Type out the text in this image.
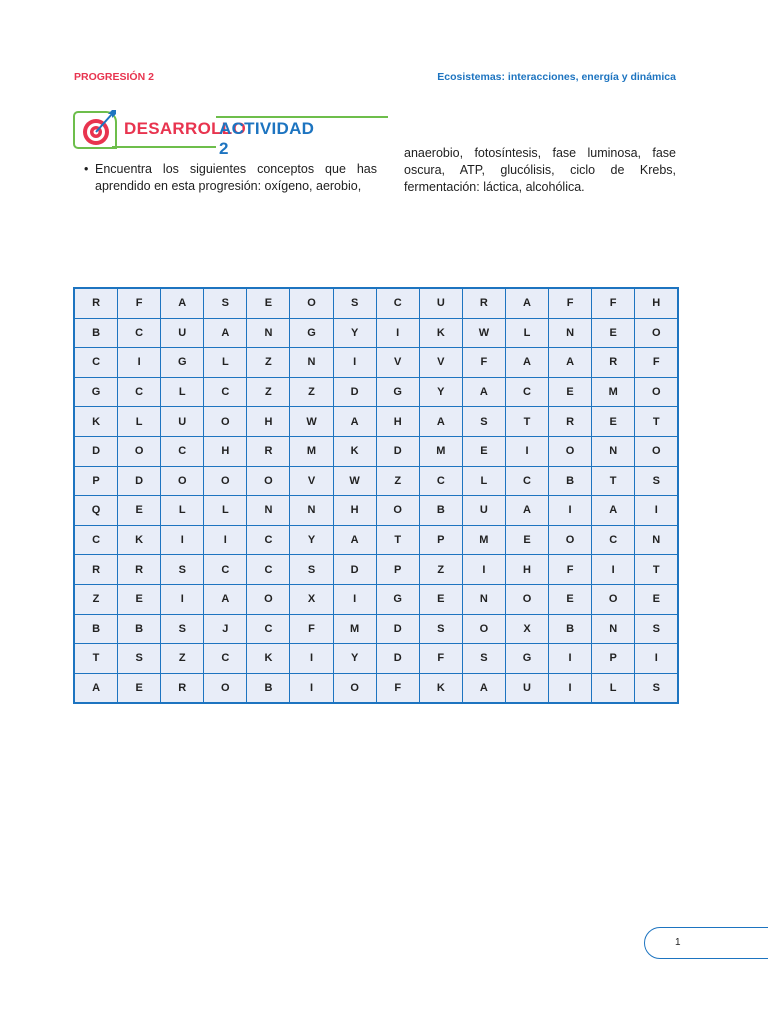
PROGRESIÓN 2	Ecosistemas: interacciones, energía y dinámica
DESARROLLO
ACTIVIDAD 2
• Encuentra los siguientes conceptos que has aprendido en esta progresión: oxígeno, aerobio,
anaerobio, fotosíntesis, fase luminosa, fase oscura, ATP, glucólisis, ciclo de Krebs, fermentación: láctica, alcohólica.
R	F	A	S	E	O	S	C	U	R	A	F	F	H
B	C	U	A	N	G	Y	I	K	W	L	N	E	O
C	I	G	L	Z	N	I	V	V	F	A	A	R	F
G	C	L	C	Z	Z	D	G	Y	A	C	E	M	O
K	L	U	O	H	W	A	H	A	S	T	R	E	T
D	O	C	H	R	M	K	D	M	E	I	O	N	O
P	D	O	O	O	V	W	Z	C	L	C	B	T	S
Q	E	L	L	N	N	H	O	B	U	A	I	A	I
C	K	I	I	C	Y	A	T	P	M	E	O	C	N
R	R	S	C	C	S	D	P	Z	I	H	F	I	T
Z	E	I	A	O	X	I	G	E	N	O	E	O	E
B	B	S	J	C	F	M	D	S	O	X	B	N	S
T	S	Z	C	K	I	Y	D	F	S	G	I	P	I
A	E	R	O	B	I	O	F	K	A	U	I	L	S
1
